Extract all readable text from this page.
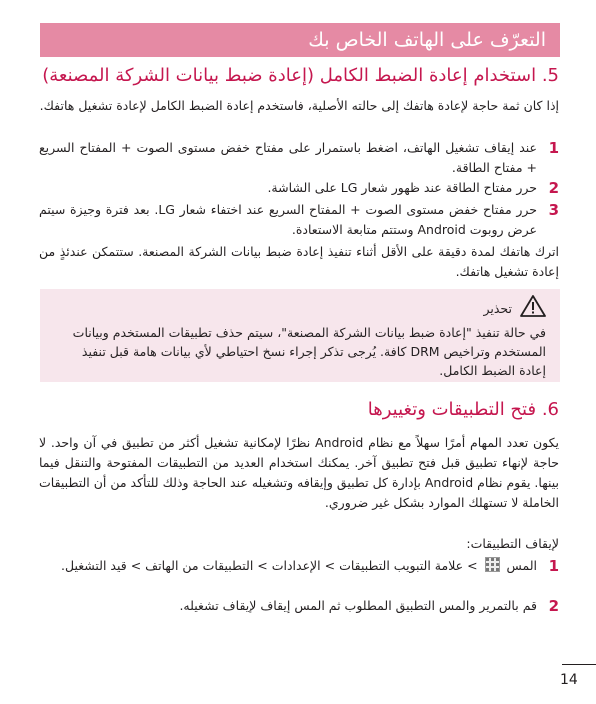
التعرّف على الهاتف الخاص بك
5. استخدام إعادة الضبط الكامل (إعادة ضبط بيانات الشركة المصنعة)
إذا كان ثمة حاجة لإعادة هاتفك إلى حالته الأصلية، فاستخدم إعادة الضبط الكامل لإعادة تشغيل هاتفك.
1
عند إيقاف تشغيل الهاتف، اضغط باستمرار على مفتاح خفض مستوى الصوت + المفتاح السريع + مفتاح الطاقة.
2
حرر مفتاح الطاقة عند ظهور شعار LG على الشاشة.
3
حرر مفتاح خفض مستوى الصوت + المفتاح السريع عند اختفاء شعار LG. بعد فترة وجيزة سيتم عرض روبوت Android وستتم متابعة الاستعادة.
اترك هاتفك لمدة دقيقة على الأقل أثناء تنفيذ إعادة ضبط بيانات الشركة المصنعة. ستتمكن عندئذٍ من إعادة تشغيل هاتفك.
تحذير
في حالة تنفيذ "إعادة ضبط بيانات الشركة المصنعة"، سيتم حذف تطبيقات المستخدم وبيانات المستخدم وتراخيص DRM كافة. يُرجى تذكر إجراء نسخ احتياطي لأي بيانات هامة قبل تنفيذ إعادة الضبط الكامل.
6. فتح التطبيقات وتغييرها
يكون تعدد المهام أمرًا سهلاً مع نظام Android نظرًا لإمكانية تشغيل أكثر من تطبيق في آن واحد. لا حاجة لإنهاء تطبيق قبل فتح تطبيق آخر. يمكنك استخدام العديد من التطبيقات المفتوحة والتنقل فيما بينها. يقوم نظام Android بإدارة كل تطبيق وإيقافه وتشغيله عند الحاجة وذلك للتأكد من أن التطبيقات الخاملة لا تستهلك الموارد بشكل غير ضروري.
لإيقاف التطبيقات:
1
المس  > علامة التبويب التطبيقات > الإعدادات > التطبيقات من الهاتف > قيد التشغيل.
2
قم بالتمرير والمس التطبيق المطلوب ثم المس إيقاف لإيقاف تشغيله.
14
